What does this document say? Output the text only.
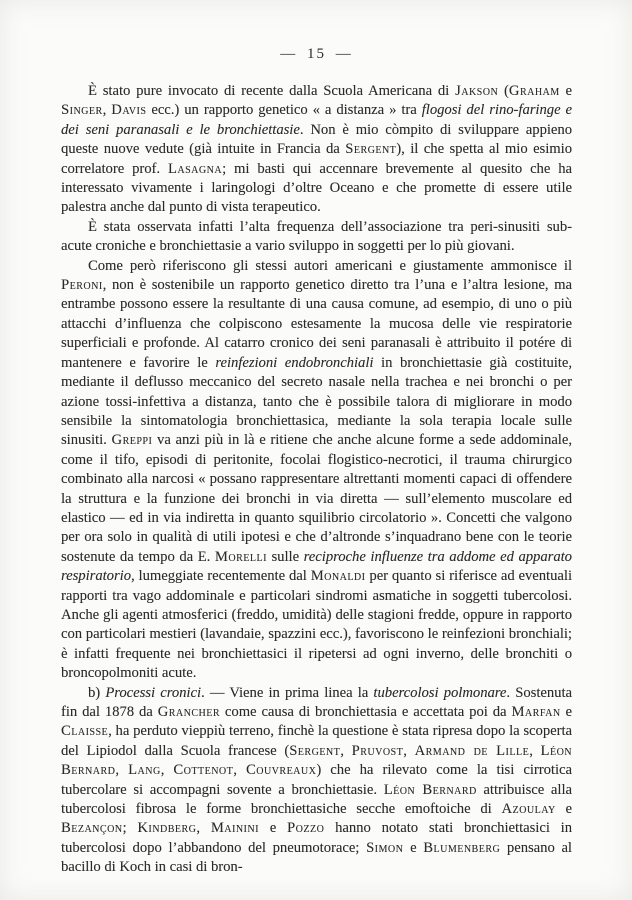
— 15 —

È stato pure invocato di recente dalla Scuola Americana di Jakson (Graham e Singer, Davis ecc.) un rapporto genetico « a distanza » tra flogosi del rino-faringe e dei seni paranasali e le bronchiettasie. Non è mio còmpito di sviluppare appieno queste nuove vedute (già intuite in Francia da Sergent), il che spetta al mio esimio correlatore prof. Lasagna; mi basti qui accennare brevemente al quesito che ha interessato vivamente i laringologi d’oltre Oceano e che promette di essere utile palestra anche dal punto di vista terapeutico.

È stata osservata infatti l’alta frequenza dell’associazione tra peri-sinusiti sub-acute croniche e bronchiettasie a vario sviluppo in soggetti per lo più giovani.

Come però riferiscono gli stessi autori americani e giustamente ammonisce il Peroni, non è sostenibile un rapporto genetico diretto tra l’una e l’altra lesione, ma entrambe possono essere la resultante di una causa comune, ad esempio, di uno o più attacchi d’influenza che colpiscono estesamente la mucosa delle vie respiratorie superficiali e profonde. Al catarro cronico dei seni paranasali è attribuito il potére di mantenere e favorire le reinfezioni endobronchiali in bronchiettasie già costituite, mediante il deflusso meccanico del secreto nasale nella trachea e nei bronchi o per azione tossi-infettiva a distanza, tanto che è possibile talora di migliorare in modo sensibile la sintomatologia bronchiettasica, mediante la sola terapia locale sulle sinusiti. Greppi va anzi più in là e ritiene che anche alcune forme a sede addominale, come il tifo, episodi di peritonite, focolai flogistico-necrotici, il trauma chirurgico combinato alla narcosi « possano rappresentare altrettanti momenti capaci di offendere la struttura e la funzione dei bronchi in via diretta — sull’elemento muscolare ed elastico — ed in via indiretta in quanto squilibrio circolatorio ». Concetti che valgono per ora solo in qualità di utili ipotesi e che d’altronde s’inquadrano bene con le teorie sostenute da tempo da E. Morelli sulle reciproche influenze tra addome ed apparato respiratorio, lumeggiate recentemente dal Monaldi per quanto si riferisce ad eventuali rapporti tra vago addominale e particolari sindromi asmatiche in soggetti tubercolosi. Anche gli agenti atmosferici (freddo, umidità) delle stagioni fredde, oppure in rapporto con particolari mestieri (lavandaie, spazzini ecc.), favoriscono le reinfezioni bronchiali; è infatti frequente nei bronchiettasici il ripetersi ad ogni inverno, delle bronchiti o broncopolmoniti acute.

b) Processi cronici. — Viene in prima linea la tubercolosi polmonare. Sostenuta fin dal 1878 da Grancher come causa di bronchiettasia e accettata poi da Marfan e Claisse, ha perduto vieppiù terreno, finchè la questione è stata ripresa dopo la scoperta del Lipiodol dalla Scuola francese (Sergent, Pruvost, Armand de Lille, Léon Bernard, Lang, Cottenot, Couvreaux) che ha rilevato come la tisi cirrotica tubercolare si accompagni sovente a bronchiettasie. Léon Bernard attribuisce alla tubercolosi fibrosa le forme bronchiettasiche secche emoftoiche di Azoulay e Bezançon; Kindberg, Mainini e Pozzo hanno notato stati bronchiettasici in tubercolosi dopo l’abbandono del pneumotorace; Simon e Blumenberg pensano al bacillo di Koch in casi di bron-
